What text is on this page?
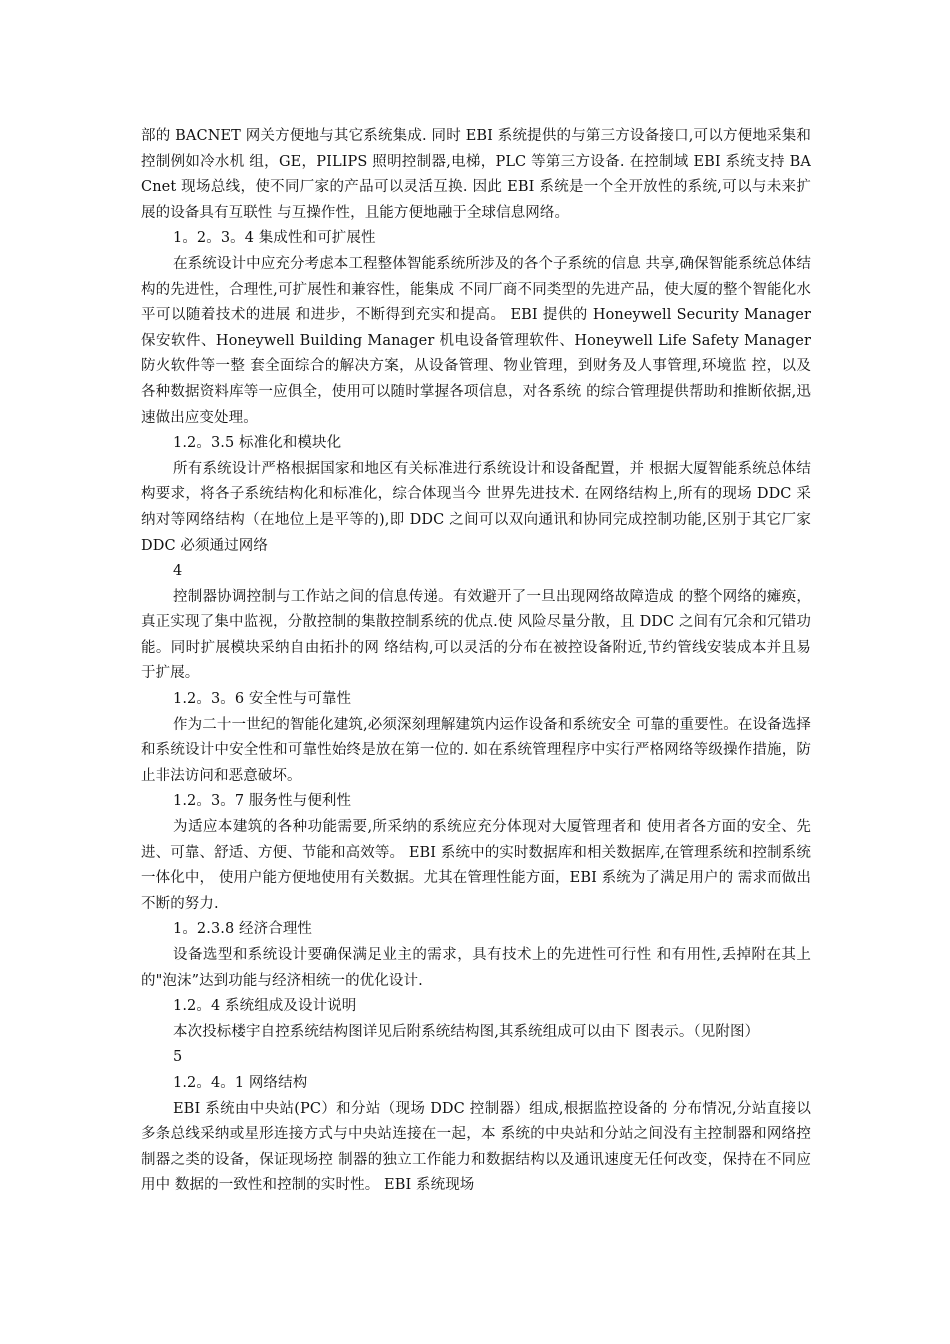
部的 BACNET 网关方便地与其它系统集成. 同时 EBI 系统提供的与第三方设备接口,可以方便地采集和控制例如冷水机 组，GE，PILIPS 照明控制器,电梯，PLC 等第三方设备. 在控制域 EBI 系统支持 BACnet 现场总线，使不同厂家的产品可以灵活互换. 因此 EBI 系统是一个全开放性的系统,可以与未来扩展的设备具有互联性 与互操作性，且能方便地融于全球信息网络。

1。2。3。4 集成性和可扩展性

在系统设计中应充分考虑本工程整体智能系统所涉及的各个子系统的信息 共享,确保智能系统总体结构的先进性，合理性,可扩展性和兼容性，能集成 不同厂商不同类型的先进产品，使大厦的整个智能化水平可以随着技术的进展 和进步，不断得到充实和提高。 EBI 提供的 Honeywell Security Manager 保安软件、Honeywell Building Manager 机电设备管理软件、Honeywell Life Safety Manager 防火软件等一整 套全面综合的解决方案，从设备管理、物业管理，到财务及人事管理,环境监 控，以及各种数据资料库等一应俱全，使用可以随时掌握各项信息，对各系统 的综合管理提供帮助和推断依据,迅速做出应变处理。

1.2。3.5 标准化和模块化

所有系统设计严格根据国家和地区有关标准进行系统设计和设备配置，并 根据大厦智能系统总体结构要求，将各子系统结构化和标准化，综合体现当今 世界先进技术. 在网络结构上,所有的现场 DDC 采纳对等网络结构（在地位上是平等的),即 DDC 之间可以双向通讯和协同完成控制功能,区别于其它厂家 DDC 必须通过网络

4

控制器协调控制与工作站之间的信息传递。有效避开了一旦出现网络故障造成 的整个网络的瘫痪，真正实现了集中监视，分散控制的集散控制系统的优点.使 风险尽量分散，且 DDC 之间有冗余和冗错功能。同时扩展模块采纳自由拓扑的网 络结构,可以灵活的分布在被控设备附近,节约管线安装成本并且易于扩展。

1.2。3。6 安全性与可靠性

作为二十一世纪的智能化建筑,必须深刻理解建筑内运作设备和系统安全 可靠的重要性。在设备选择和系统设计中安全性和可靠性始终是放在第一位的. 如在系统管理程序中实行严格网络等级操作措施，防止非法访问和恶意破坏。

1.2。3。7 服务性与便利性

为适应本建筑的各种功能需要,所采纳的系统应充分体现对大厦管理者和 使用者各方面的安全、先进、可靠、舒适、方便、节能和高效等。 EBI 系统中的实时数据库和相关数据库,在管理系统和控制系统一体化中， 使用户能方便地使用有关数据。尤其在管理性能方面，EBI 系统为了满足用户的 需求而做出不断的努力.

1。2.3.8 经济合理性

设备选型和系统设计要确保满足业主的需求，具有技术上的先进性可行性 和有用性,丢掉附在其上的"泡沫”达到功能与经济相统一的优化设计.

1.2。4 系统组成及设计说明

本次投标楼宇自控系统结构图详见后附系统结构图,其系统组成可以由下 图表示。（见附图）

5

1.2。4。1 网络结构

EBI 系统由中央站(PC）和分站（现场 DDC 控制器）组成,根据监控设备的 分布情况,分站直接以多条总线采纳或星形连接方式与中央站连接在一起，本 系统的中央站和分站之间没有主控制器和网络控制器之类的设备，保证现场控 制器的独立工作能力和数据结构以及通讯速度无任何改变，保持在不同应用中 数据的一致性和控制的实时性。 EBI 系统现场
